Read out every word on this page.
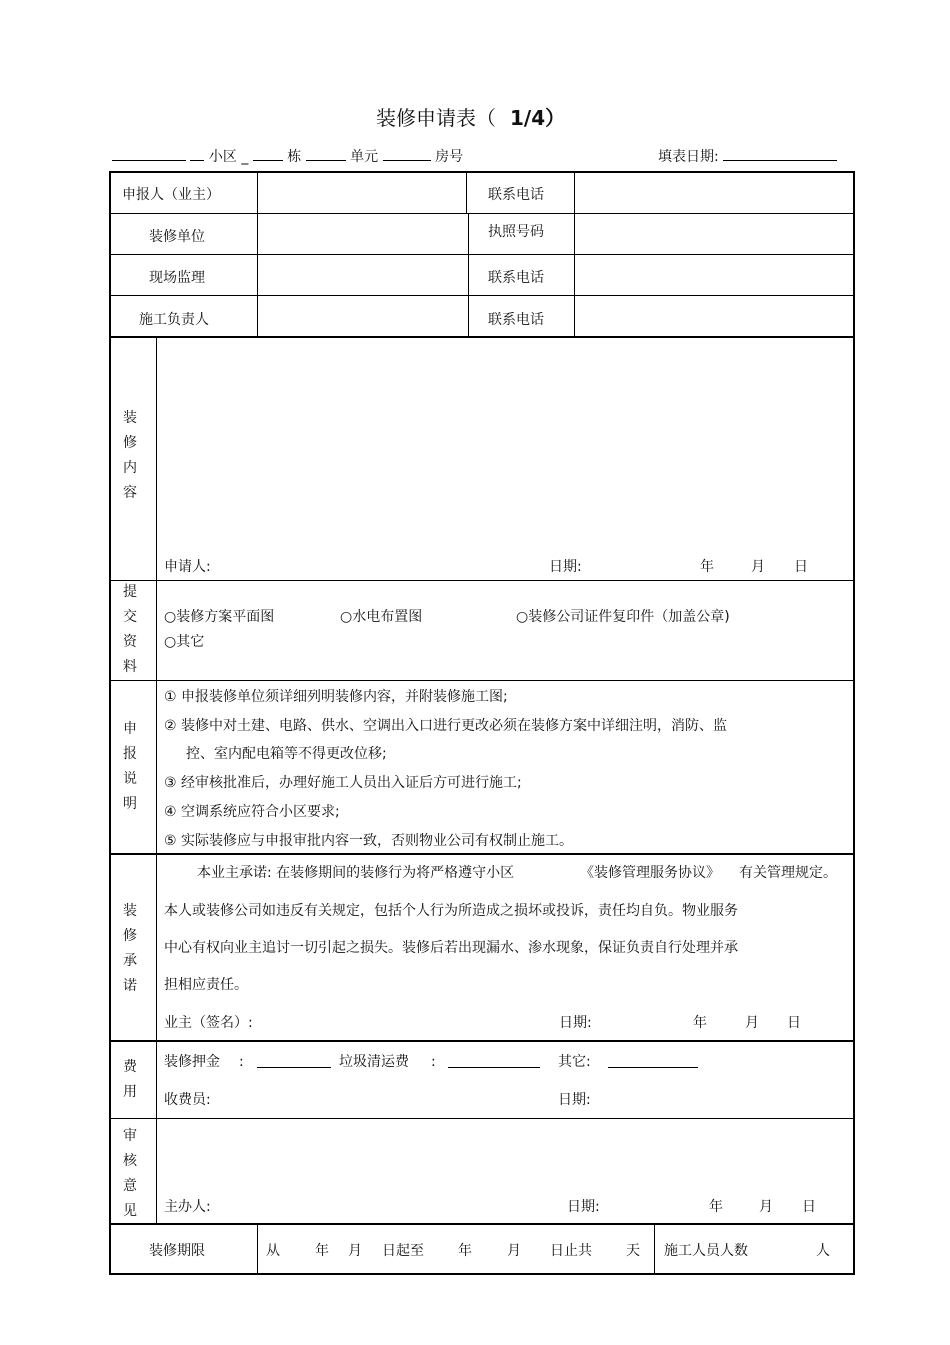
装修申请表（ 1/4）
小区 _	栋	单元	房号	填表日期:
申报人（业主）	联系电话
装修单位	执照号码
现场监理	联系电话
施工负责人	联系电话
装
修
内
容
申请人:	日期:	年	月 日
提
交
资
料
○装修方案平面图	○水电布置图	○装修公司证件复印件（加盖公章)
○其它
申
报
说
明
① 申报装修单位须详细列明装修内容，并附装修施工图;
② 装修中对土建、电路、供水、空调出入口进行更改必须在装修方案中详细注明，消防、监
控、室内配电箱等不得更改位移;
③ 经审核批准后，办理好施工人员出入证后方可进行施工;
④ 空调系统应符合小区要求;
⑤ 实际装修应与申报审批内容一致，否则物业公司有权制止施工。
装
修
承
诺
本业主承诺: 在装修期间的装修行为将严格遵守小区	《装修管理服务协议》 有关管理规定。
本人或装修公司如违反有关规定，包括个人行为所造成之损坏或投诉，责任均自负。物业服务
中心有权向业主追讨一切引起之损失。装修后若出现漏水、渗水现象，保证负责自行处理并承
担相应责任。
业主（签名）:	日期:	年	月 日
费
用
装修押金 :	垃圾清运费 :	其它:
收费员:	日期:
审
核
意
见 主办人:	日期:	年	月 日
装修期限	从	年 月 日起至 年	月 日止共 天 施工人员人数	人
